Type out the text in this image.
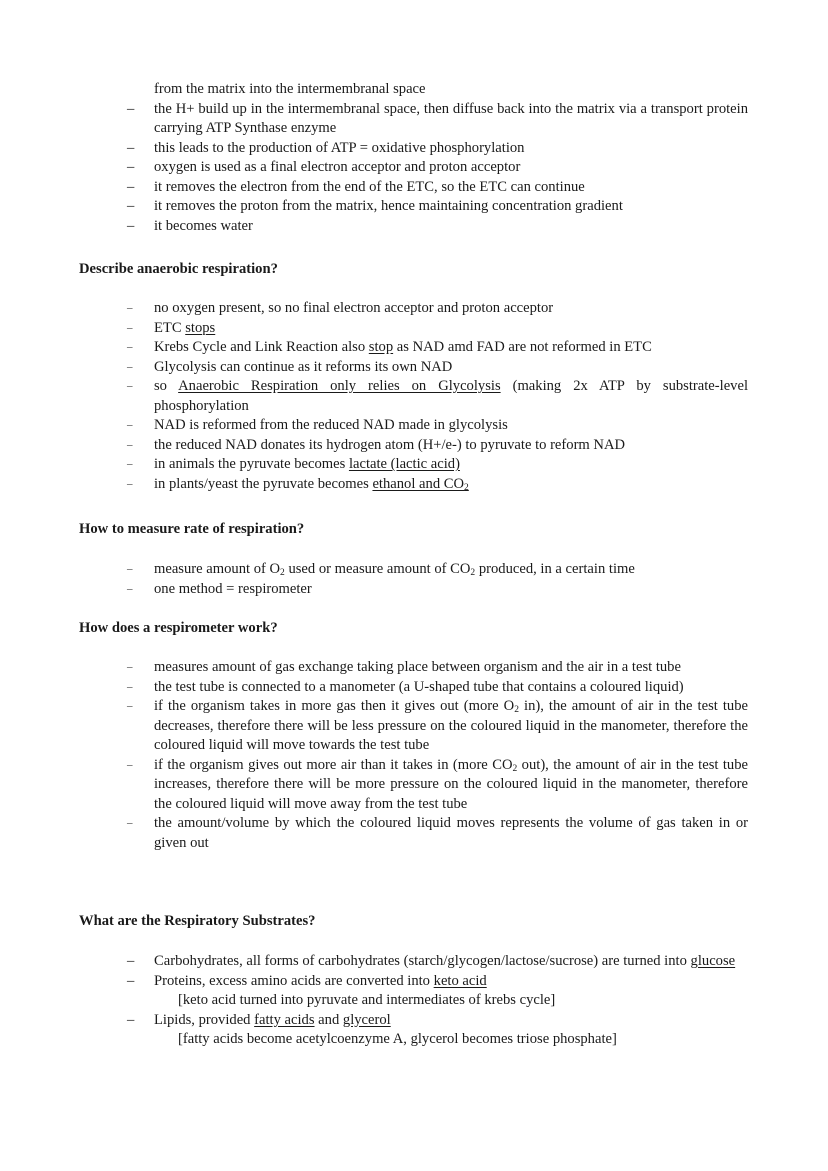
from the matrix into the intermembranal space
–
the H+ build up in the intermembranal space, then diffuse back into the matrix via a transport protein carrying ATP Synthase enzyme
–
this leads to the production of ATP = oxidative phosphorylation
–
oxygen is used as a final electron acceptor and proton acceptor
–
it removes the electron from the end of the ETC, so the ETC can continue
–
it removes the proton from the matrix, hence maintaining concentration gradient
–
it becomes water
Describe anaerobic respiration?
–
no oxygen present, so no final electron acceptor and proton acceptor
–
ETC stops
–
Krebs Cycle and Link Reaction also stop as NAD amd FAD are not reformed in ETC
–
Glycolysis can continue as it reforms its own NAD
–
so Anaerobic Respiration only relies on Glycolysis (making 2x ATP by substrate-level phosphorylation
–
NAD is reformed from the reduced NAD made in glycolysis
–
the reduced NAD donates its hydrogen atom (H+/e-) to pyruvate to reform NAD
–
in animals the pyruvate becomes lactate (lactic acid)
–
in plants/yeast the pyruvate becomes ethanol and $CO_2$
How to measure rate of respiration?
–
measure amount of $O_2$ used or measure amount of $CO_2$ produced, in a certain time
–
one method = respirometer
How does a respirometer work?
–
measures amount of gas exchange taking place between organism and the air in a test tube
–
the test tube is connected to a manometer (a U-shaped tube that contains a coloured liquid)
–
if the organism takes in more gas then it gives out (more $O_2$ in), the amount of air in the test tube decreases, therefore there will be less pressure on the coloured liquid in the manometer, therefore the coloured liquid will move towards the test tube
–
if the organism gives out more air than it takes in (more $CO_2$ out), the amount of air in the test tube increases, therefore there will be more pressure on the coloured liquid in the manometer, therefore the coloured liquid will move away from the test tube
–
the amount/volume by which the coloured liquid moves represents the volume of gas taken in or given out
What are the Respiratory Substrates?
–
Carbohydrates, all forms of carbohydrates (starch/glycogen/lactose/sucrose) are turned into glucose
–
Proteins, excess amino acids are converted into keto acid
[keto acid turned into pyruvate and intermediates of krebs cycle]
–
Lipids, provided fatty acids and glycerol
[fatty acids become acetylcoenzyme A, glycerol becomes triose phosphate]
